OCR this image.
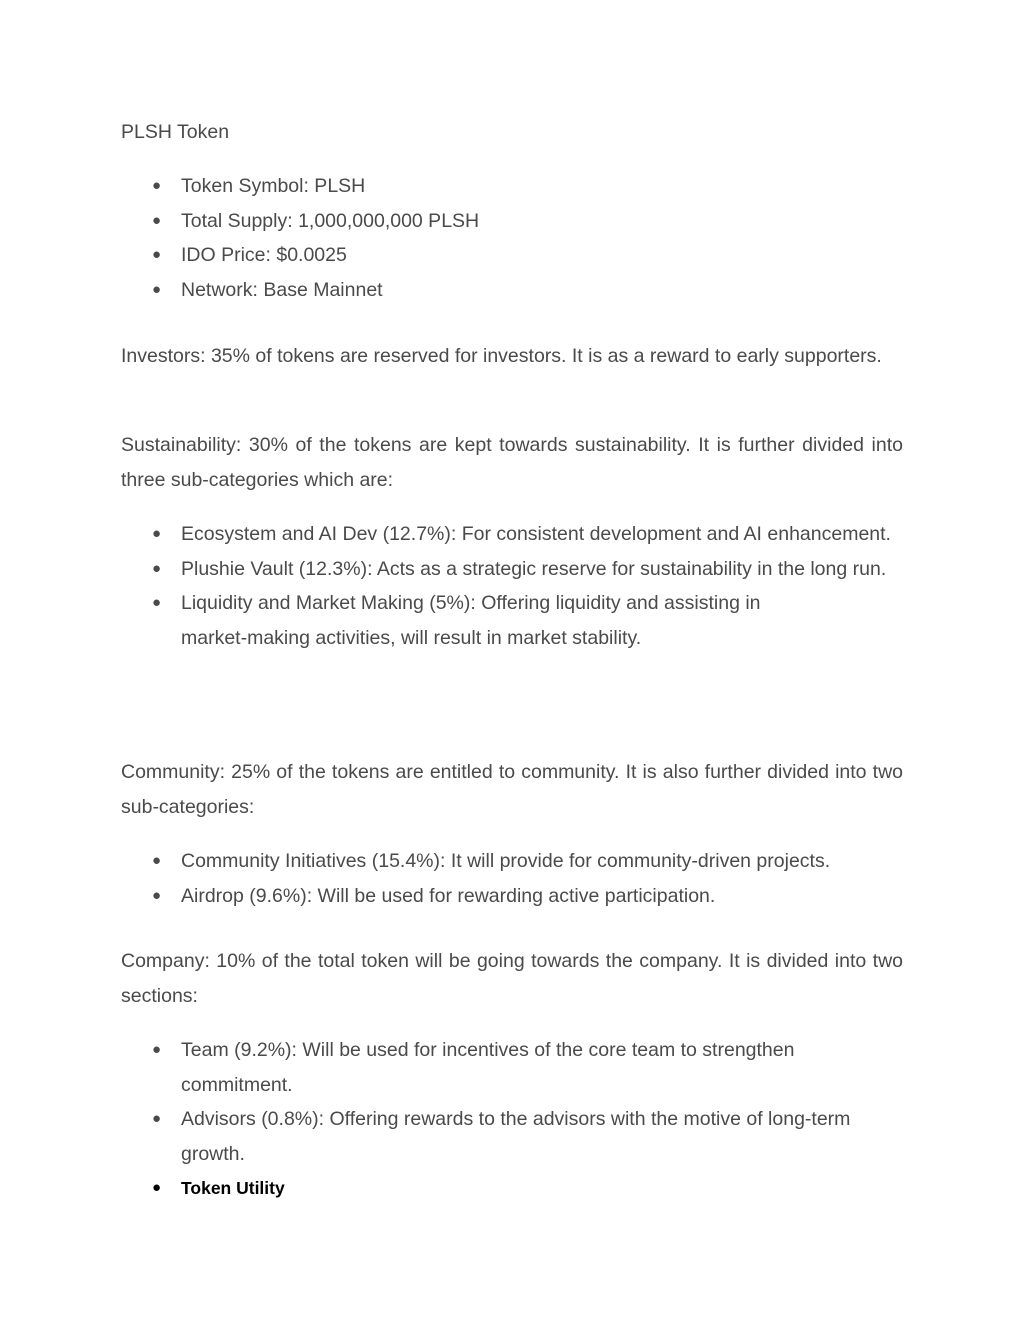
PLSH Token
● Token Symbol: PLSH
● Total Supply: 1,000,000,000 PLSH
● IDO Price: $0.0025
● Network: Base Mainnet

Investors: 35% of tokens are reserved for investors. It is as a reward to early supporters.

Sustainability: 30% of the tokens are kept towards sustainability. It is further divided into three sub-categories which are:

● Ecosystem and AI Dev (12.7%): For consistent development and AI enhancement.
● Plushie Vault (12.3%): Acts as a strategic reserve for sustainability in the long run.
● Liquidity and Market Making (5%): Offering liquidity and assisting in market-making activities, will result in market stability.

Community: 25% of the tokens are entitled to community. It is also further divided into two sub-categories:

● Community Initiatives (15.4%): It will provide for community-driven projects.
● Airdrop (9.6%): Will be used for rewarding active participation.

Company: 10% of the total token will be going towards the company. It is divided into two sections:

● Team (9.2%): Will be used for incentives of the core team to strengthen commitment.
● Advisors (0.8%): Offering rewards to the advisors with the motive of long-term growth.
● Token Utility
